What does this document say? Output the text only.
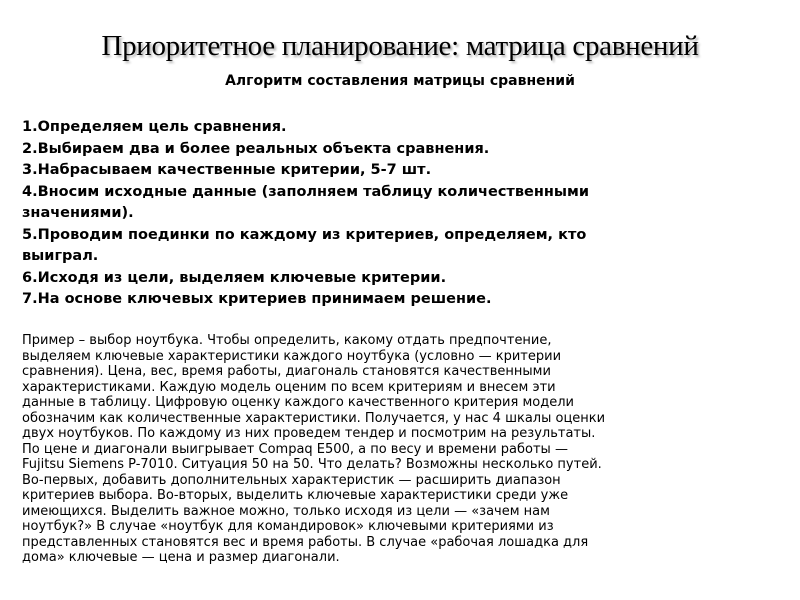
Приоритетное планирование: матрица сравнений
Алгоритм составления матрицы сравнений
1.Определяем цель сравнения.
2.Выбираем два и более реальных объекта сравнения.
3.Набрасываем качественные критерии, 5-7 шт.
4.Вносим исходные данные (заполняем таблицу количественными
значениями).
5.Проводим поединки по каждому из критериев, определяем, кто
выиграл.
6.Исходя из цели, выделяем ключевые критерии.
7.На основе ключевых критериев принимаем решение.
Пример – выбор ноутбука. Чтобы определить, какому отдать предпочтение,
выделяем ключевые характеристики каждого ноутбука (условно — критерии
сравнения). Цена, вес, время работы, диагональ становятся качественными
характеристиками. Каждую модель оценим по всем критериям и внесем эти
данные в таблицу. Цифровую оценку каждого качественного критерия модели
обозначим как количественные характеристики. Получается, у нас 4 шкалы оценки
двух ноутбуков. По каждому из них проведем тендер и посмотрим на результаты.
По цене и диагонали выигрывает Compaq E500, а по весу и времени работы —
Fujitsu Siemens P-7010. Ситуация 50 на 50. Что делать? Возможны несколько путей.
Во-первых, добавить дополнительных характеристик — расширить диапазон
критериев выбора. Во-вторых, выделить ключевые характеристики среди уже
имеющихся. Выделить важное можно, только исходя из цели — «зачем нам
ноутбук?» В случае «ноутбук для командировок» ключевыми критериями из
представленных становятся вес и время работы. В случае «рабочая лошадка для
дома» ключевые — цена и размер диагонали.
